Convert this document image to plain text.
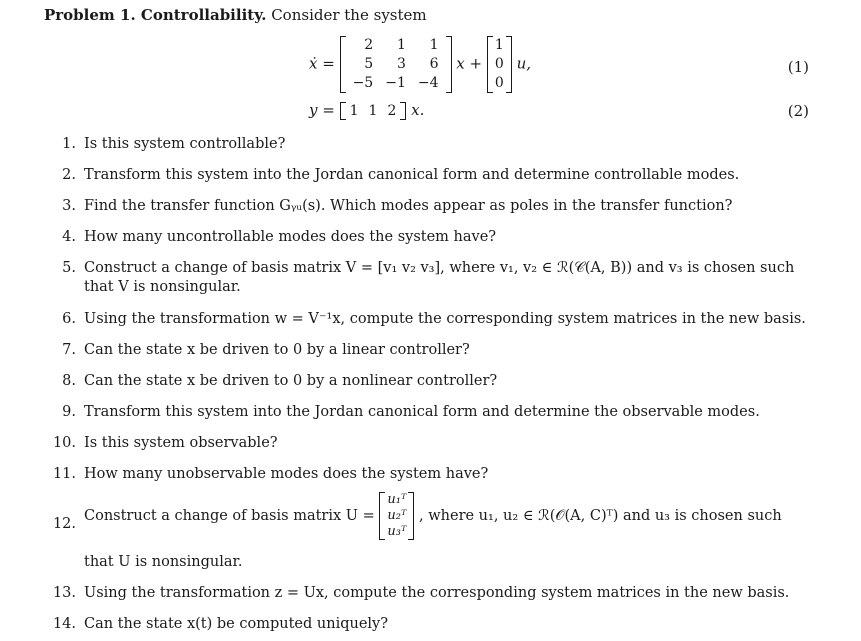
Problem 1. Controllability. Consider the system
ẋ =
2	1	1
5	3	6
−5	−1	−4
x +
1
0
0
u,	(1)
y = 1	1	2 x.	(2)
1. Is this system controllable?
2. Transform this system into the Jordan canonical form and determine controllable modes.
3. Find the transfer function Gᵧᵤ(s). Which modes appear as poles in the transfer function?
4. How many uncontrollable modes does the system have?
5. Construct a change of basis matrix V = [v₁ v₂ v₃], where v₁, v₂ ∈ ℛ(𝒞(A, B)) and v₃ is chosen such
that V is nonsingular.
6. Using the transformation w = V⁻¹x, compute the corresponding system matrices in the new basis.
7. Can the state x be driven to 0 by a linear controller?
8. Can the state x be driven to 0 by a nonlinear controller?
9. Transform this system into the Jordan canonical form and determine the observable modes.
10. Is this system observable?
11. How many unobservable modes does the system have?
12. Construct a change of basis matrix U =
u₁ᵀ
u₂ᵀ
u₃ᵀ
, where u₁, u₂ ∈ ℛ(𝒪(A, C)ᵀ) and u₃ is chosen such
that U is nonsingular.
13. Using the transformation z = Ux, compute the corresponding system matrices in the new basis.
14. Can the state x(t) be computed uniquely?
